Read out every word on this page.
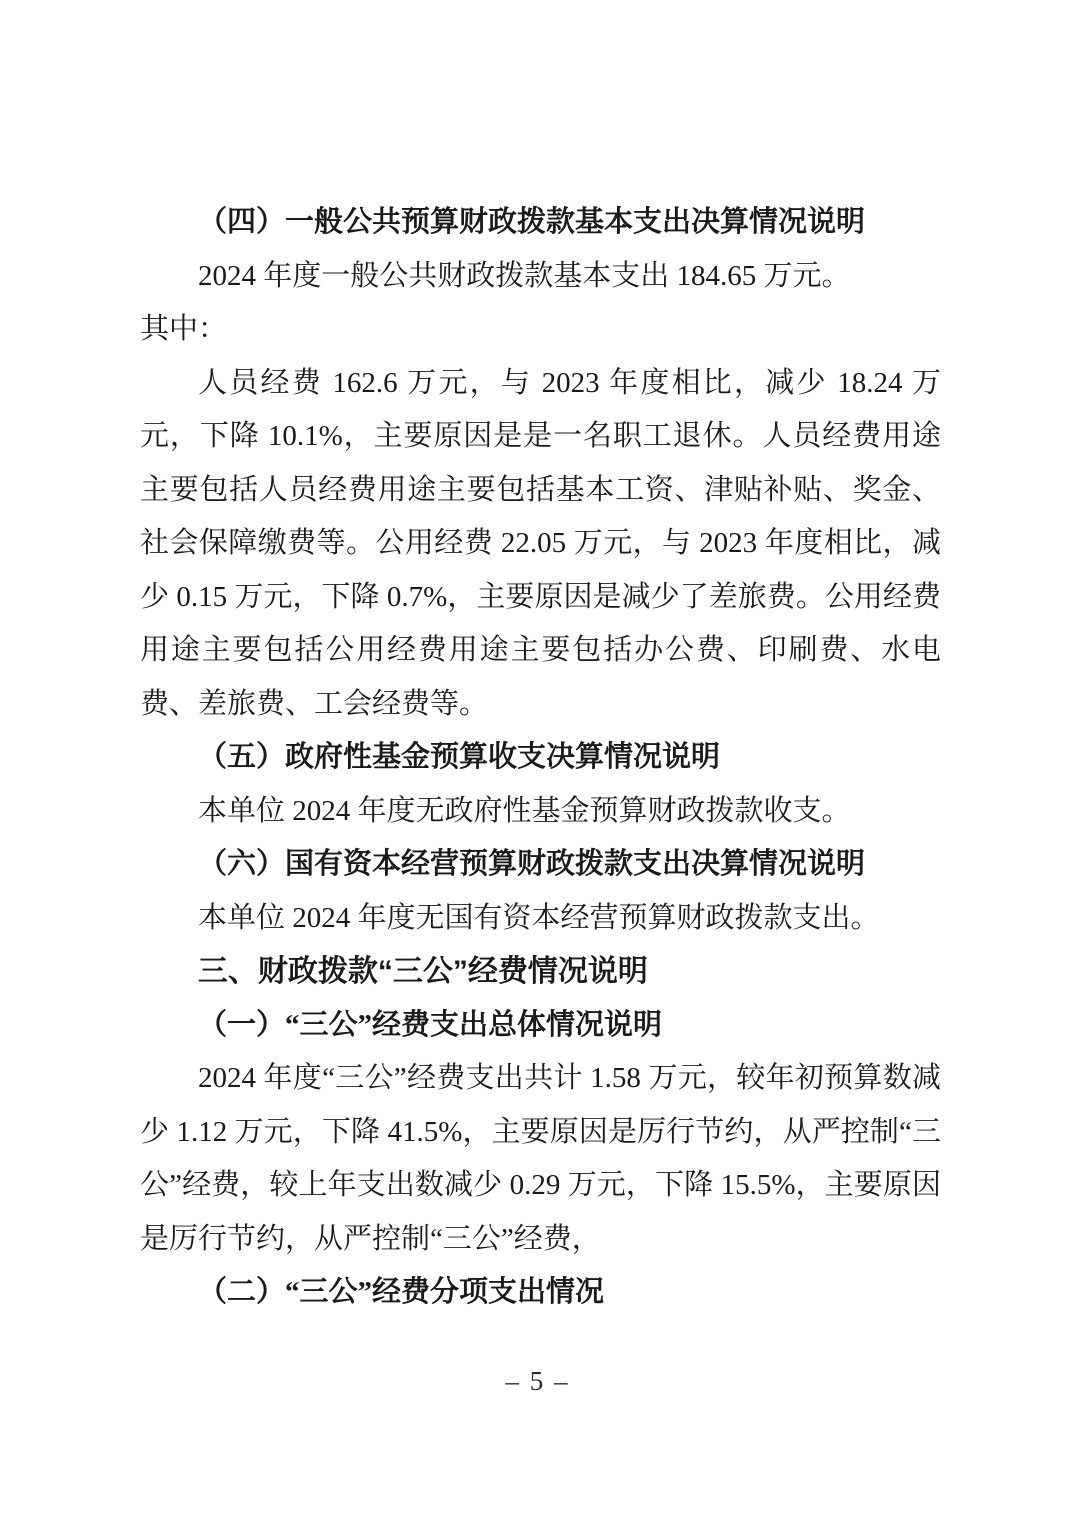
（四）一般公共预算财政拨款基本支出决算情况说明

2024 年度一般公共财政拨款基本支出 184.65 万元。

其中：

人员经费 162.6 万元，与 2023 年度相比，减少 18.24 万元，下降 10.1%，主要原因是是一名职工退休。人员经费用途主要包括人员经费用途主要包括基本工资、津贴补贴、奖金、社会保障缴费等。公用经费 22.05 万元，与 2023 年度相比，减少 0.15 万元，下降 0.7%，主要原因是减少了差旅费。公用经费用途主要包括公用经费用途主要包括办公费、印刷费、水电费、差旅费、工会经费等。

（五）政府性基金预算收支决算情况说明

本单位 2024 年度无政府性基金预算财政拨款收支。

（六）国有资本经营预算财政拨款支出决算情况说明

本单位 2024 年度无国有资本经营预算财政拨款支出。

三、财政拨款“三公”经费情况说明
（一）“三公”经费支出总体情况说明

2024 年度“三公”经费支出共计 1.58 万元，较年初预算数减少 1.12 万元，下降 41.5%，主要原因是厉行节约，从严控制“三公”经费，较上年支出数减少 0.29 万元，下降 15.5%，主要原因是厉行节约，从严控制“三公”经费，

（二）“三公”经费分项支出情况
– 5 –
